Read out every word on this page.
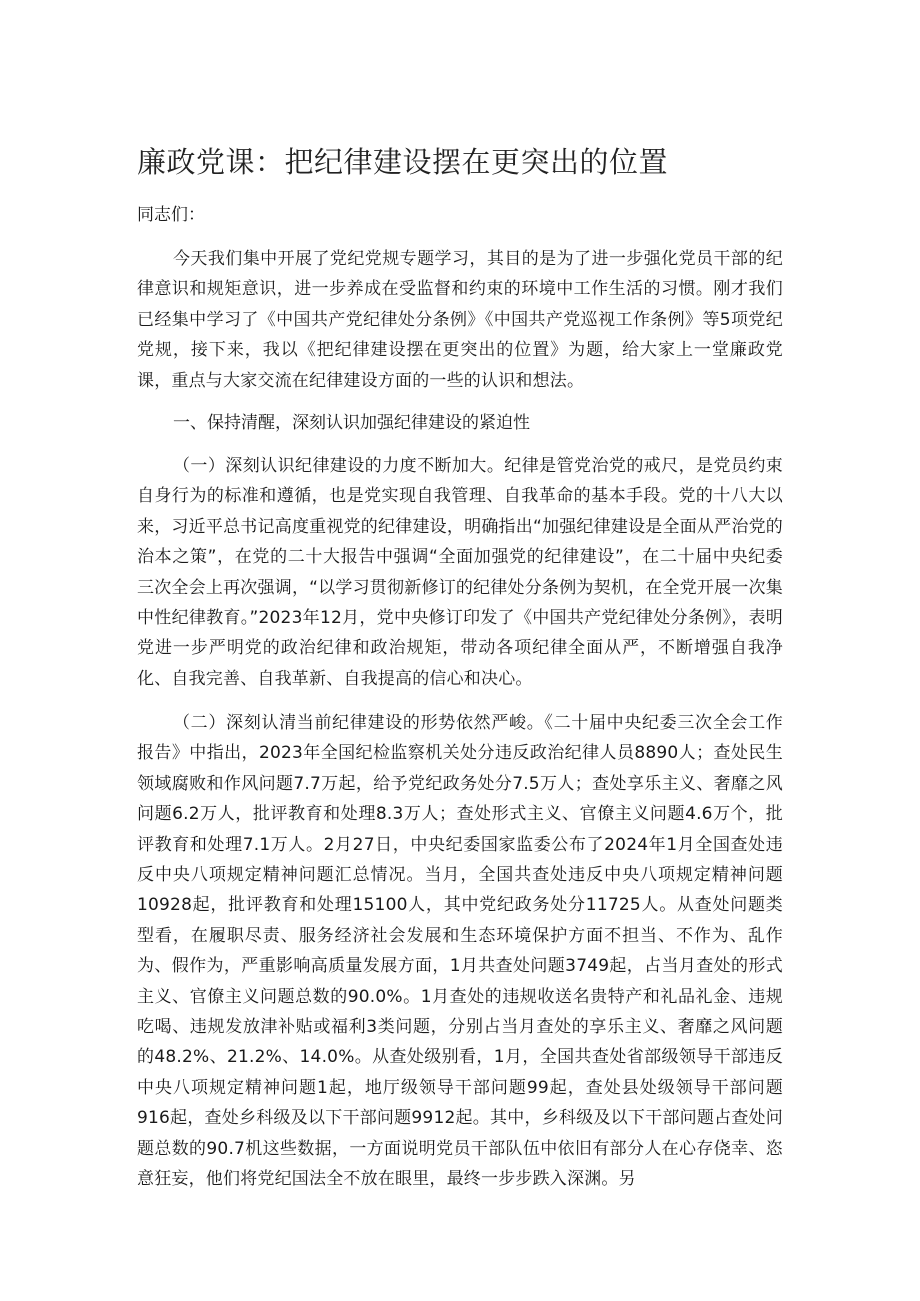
廉政党课：把纪律建设摆在更突出的位置

同志们：

今天我们集中开展了党纪党规专题学习，其目的是为了进一步强化党员干部的纪律意识和规矩意识，进一步养成在受监督和约束的环境中工作生活的习惯。刚才我们已经集中学习了《中国共产党纪律处分条例》《中国共产党巡视工作条例》等5项党纪党规，接下来，我以《把纪律建设摆在更突出的位置》为题，给大家上一堂廉政党课，重点与大家交流在纪律建设方面的一些的认识和想法。

一、保持清醒，深刻认识加强纪律建设的紧迫性

（一）深刻认识纪律建设的力度不断加大。纪律是管党治党的戒尺，是党员约束自身行为的标准和遵循，也是党实现自我管理、自我革命的基本手段。党的十八大以来，习近平总书记高度重视党的纪律建设，明确指出“加强纪律建设是全面从严治党的治本之策”，在党的二十大报告中强调“全面加强党的纪律建设”，在二十届中央纪委三次全会上再次强调，“以学习贯彻新修订的纪律处分条例为契机，在全党开展一次集中性纪律教育。”2023年12月，党中央修订印发了《中国共产党纪律处分条例》，表明党进一步严明党的政治纪律和政治规矩，带动各项纪律全面从严，不断增强自我净化、自我完善、自我革新、自我提高的信心和决心。

（二）深刻认清当前纪律建设的形势依然严峻。《二十届中央纪委三次全会工作报告》中指出，2023年全国纪检监察机关处分违反政治纪律人员8890人；查处民生领域腐败和作风问题7.7万起，给予党纪政务处分7.5万人；查处享乐主义、奢靡之风问题6.2万人，批评教育和处理8.3万人；查处形式主义、官僚主义问题4.6万个，批评教育和处理7.1万人。2月27日，中央纪委国家监委公布了2024年1月全国查处违反中央八项规定精神问题汇总情况。当月，全国共查处违反中央八项规定精神问题10928起，批评教育和处理15100人，其中党纪政务处分11725人。从查处问题类型看，在履职尽责、服务经济社会发展和生态环境保护方面不担当、不作为、乱作为、假作为，严重影响高质量发展方面，1月共查处问题3749起，占当月查处的形式主义、官僚主义问题总数的90.0%。1月查处的违规收送名贵特产和礼品礼金、违规吃喝、违规发放津补贴或福利3类问题，分别占当月查处的享乐主义、奢靡之风问题的48.2%、21.2%、14.0%。从查处级别看，1月，全国共查处省部级领导干部违反中央八项规定精神问题1起，地厅级领导干部问题99起，查处县处级领导干部问题916起，查处乡科级及以下干部问题9912起。其中，乡科级及以下干部问题占查处问题总数的90.7机这些数据，一方面说明党员干部队伍中依旧有部分人在心存侥幸、恣意狂妄，他们将党纪国法全不放在眼里，最终一步步跌入深渊。另
